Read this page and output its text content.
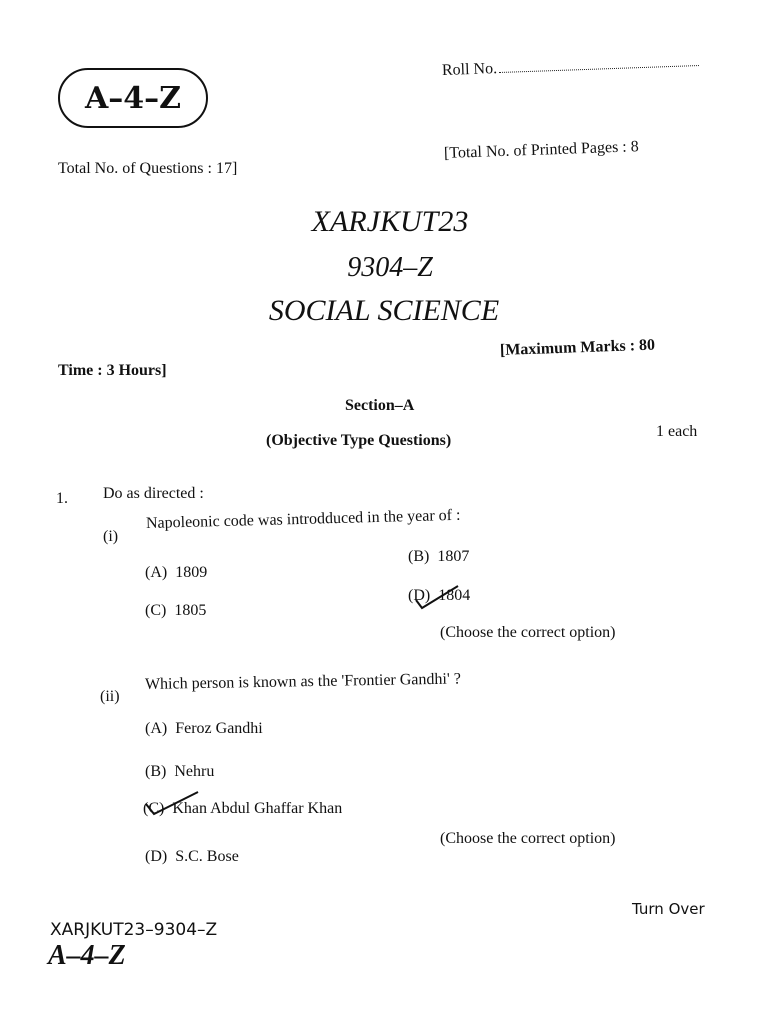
A–4–Z
Roll No.
Total No. of Questions : 17]
[Total No. of Printed Pages : 8
XARJKUT23
9304–Z
SOCIAL SCIENCE
Time : 3 Hours]
[Maximum Marks : 80
Section–A
(Objective Type Questions)
1 each
1. Do as directed :
(i)
Napoleonic code was introdduced in the year of :
(A) 1809
(B) 1807
(C) 1805
(D) 1804
(Choose the correct option)
(ii)
Which person is known as the 'Frontier Gandhi' ?
(A) Feroz Gandhi
(B) Nehru
(C) Khan Abdul Ghaffar Khan
(D) S.C. Bose
(Choose the correct option)
Turn Over
XARJKUT23–9304–Z
A–4–Z
